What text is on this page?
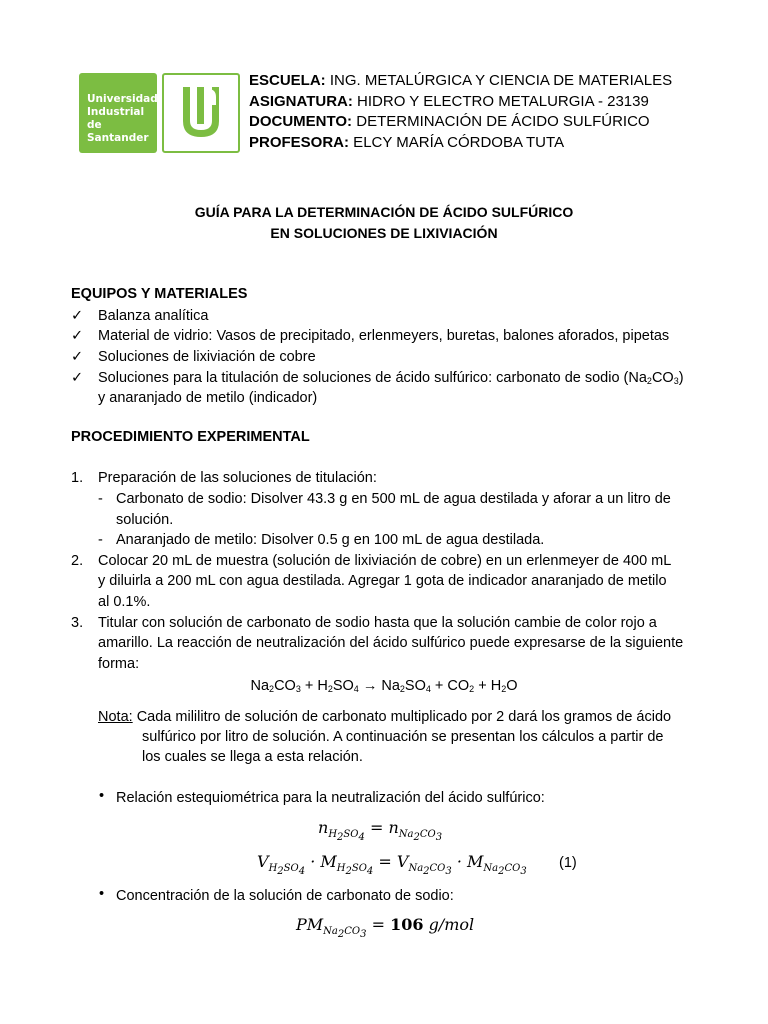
Universidad
Industrial de
Santander
ESCUELA: ING. METALÚRGICA Y CIENCIA DE MATERIALES
ASIGNATURA: HIDRO Y ELECTRO METALURGIA - 23139
DOCUMENTO: DETERMINACIÓN DE ÁCIDO SULFÚRICO
PROFESORA: ELCY MARÍA CÓRDOBA TUTA
GUÍA PARA LA DETERMINACIÓN DE ÁCIDO SULFÚRICO
EN SOLUCIONES DE LIXIVIACIÓN
EQUIPOS Y MATERIALES
✓ Balanza analítica
✓ Material de vidrio: Vasos de precipitado, erlenmeyers, buretas, balones aforados, pipetas
✓ Soluciones de lixiviación de cobre
✓ Soluciones para la titulación de soluciones de ácido sulfúrico: carbonato de sodio $(Na_2CO_3)$
y anaranjado de metilo (indicador)
PROCEDIMIENTO EXPERIMENTAL
1. Preparación de las soluciones de titulación:
- Carbonato de sodio: Disolver 43.3 g en 500 mL de agua destilada y aforar a un litro de
solución.
- Anaranjado de metilo: Disolver 0.5 g en 100 mL de agua destilada.
2. Colocar 20 mL de muestra (solución de lixiviación de cobre) en un erlenmeyer de 400 mL
y diluirla a 200 mL con agua destilada. Agregar 1 gota de indicador anaranjado de metilo
al 0.1%.
3. Titular con solución de carbonato de sodio hasta que la solución cambie de color rojo a
amarillo. La reacción de neutralización del ácido sulfúrico puede expresarse de la siguiente
forma:
$Na_2CO_3 + H_2SO_4 \to Na_2SO_4 + CO_2 + H_2O$
Nota: Cada mililitro de solución de carbonato multiplicado por 2 dará los gramos de ácido
sulfúrico por litro de solución. A continuación se presentan los cálculos a partir de
los cuales se llega a esta relación.
• Relación estequiométrica para la neutralización del ácido sulfúrico:
$n_{H_2SO_4} = n_{Na_2CO_3}$
$V_{H_2SO_4} \cdot M_{H_2SO_4} = V_{Na_2CO_3} \cdot M_{Na_2CO_3}$
(1)
• Concentración de la solución de carbonato de sodio:
$PM_{Na_2CO_3} = 106$ g/mol
